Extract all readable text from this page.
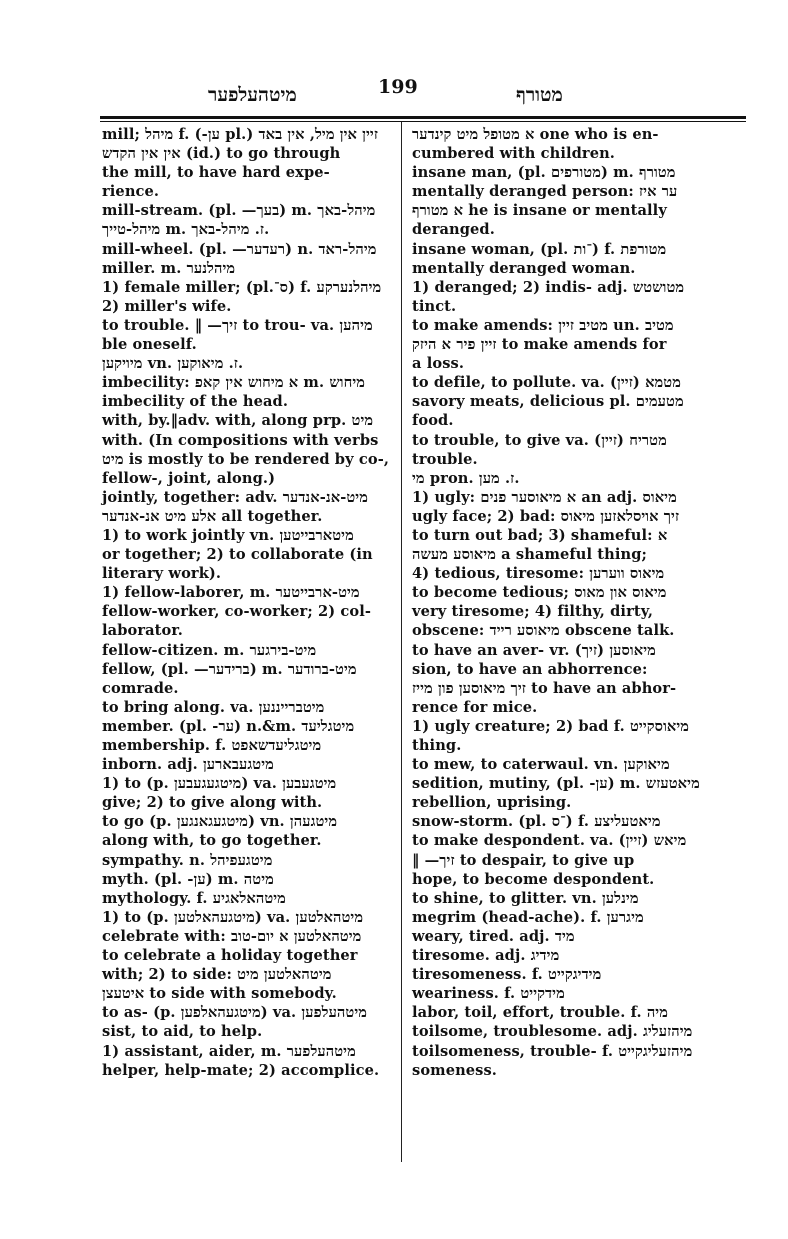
מיטהעלפער	199	מטורף
mill; מיהל f. (-ען pl.) זיין אין מיל, אין באד
אין אין הקדש (id.) to go through
the mill, to have hard expe-
rience.
mill-stream. (pl. —בעך) m. מיהל-באך
מיהל-טייך m. ז. מיהל-באך.
mill-wheel. (pl. —רעדער) n. מיהל-ראד
miller. m. מיהלנער
1) female miller; (pl.ס־) f. מיהלנערקע
2) miller's wife.
to trouble. ‖ —זיך to trou- va. מיהען
ble oneself.
מיויקען vn. ז. מיאוקען.
imbecility: א מיחוש אין קאפ m. מיחוש
imbecility of the head.
with, by.‖adv. with, along prp. מיט
with. (In compositions with verbs
מיט is mostly to be rendered by co-,
fellow-, joint, along.)
jointly, together: adv. מיט-אנ-אנדער
אלע מיט אנ-אנדער all together.
1) to work jointly vn. מיטארבייטען
or together; 2) to collaborate (in
literary work).
1) fellow-laborer, m. מיט-ארבייטער
fellow-worker, co-worker; 2) col-
laborator.
fellow-citizen. m. מיט-בירגער
fellow, (pl. —ברידער) m. מיט-ברודער
comrade.
to bring along. va. מיטברייננען
member. (pl. -ער) n.&m. מיטגליעד
membership. f. מיטגליעדשאפט
inborn. adj. מיטגעבארען
1) to (p. מיטגעגעבען) va. מיטגעבען
give; 2) to give along with.
to go (p. מיטגעגאנגען) vn. מיטגעהן
along with, to go together.
sympathy. n. מיטגעפיהל
myth. (pl. -ען) m. מיטה
mythology. f. מיטהאלאגיע
1) to (p. מיטגעהאלטען) va. מיטהאלטען
celebrate with: מיטהאלטען א יום-טוב
to celebrate a holiday together
with; 2) to side: מיטהאלטען מיט
איטעצן to side with somebody.
to as- (p. מיטגעהאלפען) va. מיטהעלפען
sist, to aid, to help.
1) assistant, aider, m. מיטהעלפער
helper, help-mate; 2) accomplice.
א מטופל מיט קינדער one who is en-
cumbered with children.
insane man, (pl. מטורפים) m. מטורף
mentally deranged person: ער איז
א מטורף he is insane or mentally
deranged.
insane woman, (pl. ־ות) f. מטורפת
mentally deranged woman.
1) deranged; 2) indis- adj. מטושטש
tinct.
to make amends: מטיב זיין un. מטיב
זיין פיר א היזק to make amends for
a loss.
to defile, to pollute. va. (זיין) מטמא
savory meats, delicious pl. מטעמים
food.
to trouble, to give va. (זיין) מטריח
trouble.
מי pron. ז. מען.
1) ugly: א מיאוסער פנים an adj. מיאוס
ugly face; 2) bad: זיך אויסלאזען מיאוס
to turn out bad; 3) shameful: א
מיאוסע מעשה a shameful thing;
4) tedious, tiresome: מיאוס ווערען
to become tedious; מיאוס און מאוס
very tiresome; 4) filthy, dirty,
obscene: מיאוסע רייד obscene talk.
to have an aver- vr. (זיך) מיאוסען
sion, to have an abhorrence:
זיך מיאוסען פון מייז to have an abhor-
rence for mice.
1) ugly creature; 2) bad f. מיאוסקייט
thing.
to mew, to caterwaul. vn. מיאוקען
sedition, mutiny, (pl. -ען) m. מיאטעזש
rebellion, uprising.
snow-storm. (pl. ־ס) f. מיאטעליצע
to make despondent. va. (זיין) מיאש
‖ —זיך to despair, to give up
hope, to become despondent.
to shine, to glitter. vn. מינלען
megrim (head-ache). f. מיגרען
weary, tired. adj. מיד
tiresome. adj. מידיג
tiresomeness. f. מידיגקייט
weariness. f. מידקייט
labor, toil, effort, trouble. f. מיה
toilsome, troublesome. adj. מיהזעליג
toilsomeness, trouble- f. מיהזעליגקייט
someness.
